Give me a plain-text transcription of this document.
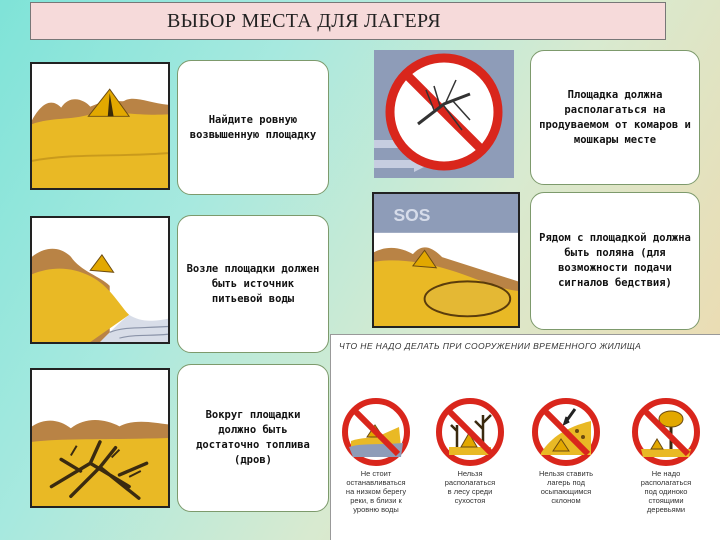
ВЫБОР МЕСТА ДЛЯ ЛАГЕРЯ
Найдите ровную возвышенную площадку
Площадка должна располагаться на продуваемом от комаров и мошкары месте
Возле площадки должен быть источник питьевой воды
SOS
Рядом с площадкой должна быть поляна (для возможности подачи сигналов бедствия)
Вокруг площадки должно быть достаточно топлива (дров)
ЧТО НЕ НАДО ДЕЛАТЬ ПРИ СООРУЖЕНИИ ВРЕМЕННОГО ЖИЛИЩА
Не стоит
останавливаться
на низком берегу
реки, в близи к
уровню воды
Нельзя
располагаться
в лесу среди
сухостоя
Нельзя ставить
лагерь под
осыпающимся
склоном
Не надо
располагаться
под одиноко
стоящими
деревьями
